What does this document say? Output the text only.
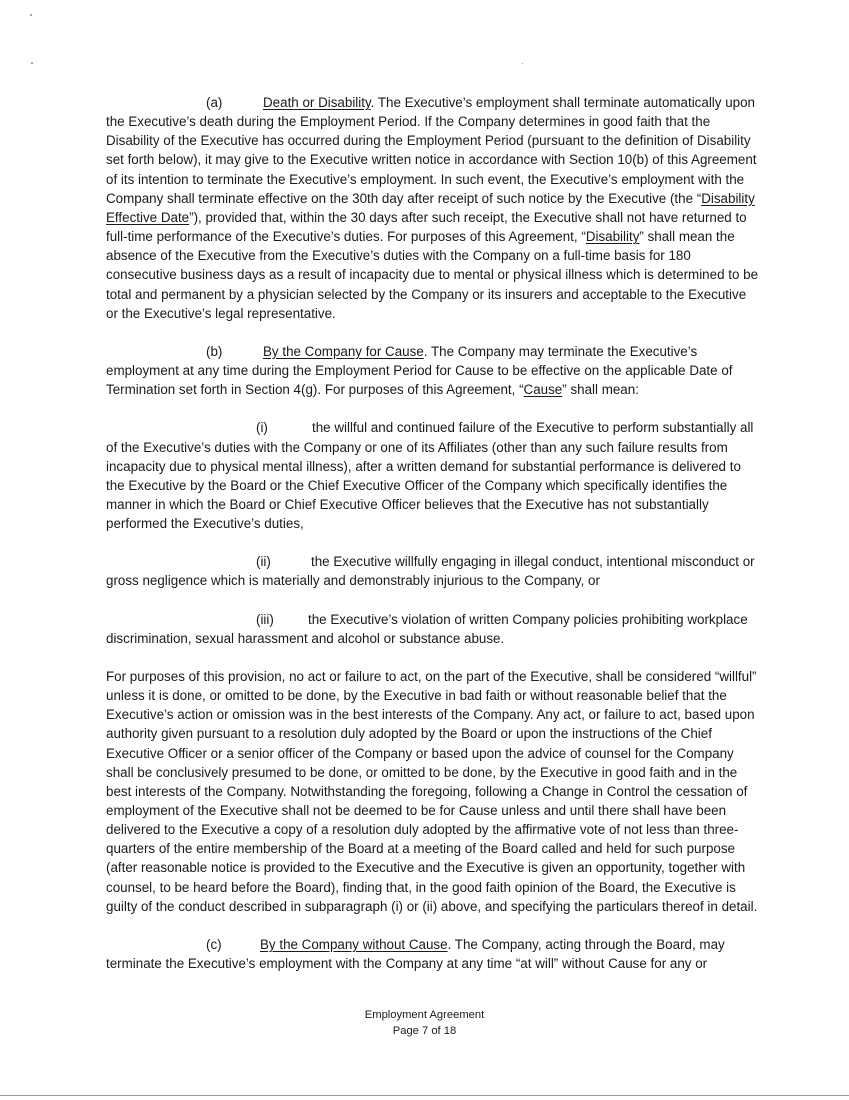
(a)	Death or Disability. The Executive’s employment shall terminate automatically upon the Executive’s death during the Employment Period. If the Company determines in good faith that the Disability of the Executive has occurred during the Employment Period (pursuant to the definition of Disability set forth below), it may give to the Executive written notice in accordance with Section 10(b) of this Agreement of its intention to terminate the Executive’s employment. In such event, the Executive’s employment with the Company shall terminate effective on the 30th day after receipt of such notice by the Executive (the “Disability Effective Date”), provided that, within the 30 days after such receipt, the Executive shall not have returned to full-time performance of the Executive’s duties. For purposes of this Agreement, “Disability” shall mean the absence of the Executive from the Executive’s duties with the Company on a full-time basis for 180 consecutive business days as a result of incapacity due to mental or physical illness which is determined to be total and permanent by a physician selected by the Company or its insurers and acceptable to the Executive or the Executive’s legal representative.

(b)	By the Company for Cause. The Company may terminate the Executive’s employment at any time during the Employment Period for Cause to be effective on the applicable Date of Termination set forth in Section 4(g). For purposes of this Agreement, “Cause” shall mean:

(i)	the willful and continued failure of the Executive to perform substantially all of the Executive’s duties with the Company or one of its Affiliates (other than any such failure results from incapacity due to physical mental illness), after a written demand for substantial performance is delivered to the Executive by the Board or the Chief Executive Officer of the Company which specifically identifies the manner in which the Board or Chief Executive Officer believes that the Executive has not substantially performed the Executive’s duties,

(ii)	the Executive willfully engaging in illegal conduct, intentional misconduct or gross negligence which is materially and demonstrably injurious to the Company, or

(iii)	the Executive’s violation of written Company policies prohibiting workplace discrimination, sexual harassment and alcohol or substance abuse.

For purposes of this provision, no act or failure to act, on the part of the Executive, shall be considered “willful” unless it is done, or omitted to be done, by the Executive in bad faith or without reasonable belief that the Executive’s action or omission was in the best interests of the Company. Any act, or failure to act, based upon authority given pursuant to a resolution duly adopted by the Board or upon the instructions of the Chief Executive Officer or a senior officer of the Company or based upon the advice of counsel for the Company shall be conclusively presumed to be done, or omitted to be done, by the Executive in good faith and in the best interests of the Company. Notwithstanding the foregoing, following a Change in Control the cessation of employment of the Executive shall not be deemed to be for Cause unless and until there shall have been delivered to the Executive a copy of a resolution duly adopted by the affirmative vote of not less than three-quarters of the entire membership of the Board at a meeting of the Board called and held for such purpose (after reasonable notice is provided to the Executive and the Executive is given an opportunity, together with counsel, to be heard before the Board), finding that, in the good faith opinion of the Board, the Executive is guilty of the conduct described in subparagraph (i) or (ii) above, and specifying the particulars thereof in detail.

(c)	By the Company without Cause. The Company, acting through the Board, may terminate the Executive’s employment with the Company at any time “at will” without Cause for any or

Employment Agreement
Page 7 of 18
